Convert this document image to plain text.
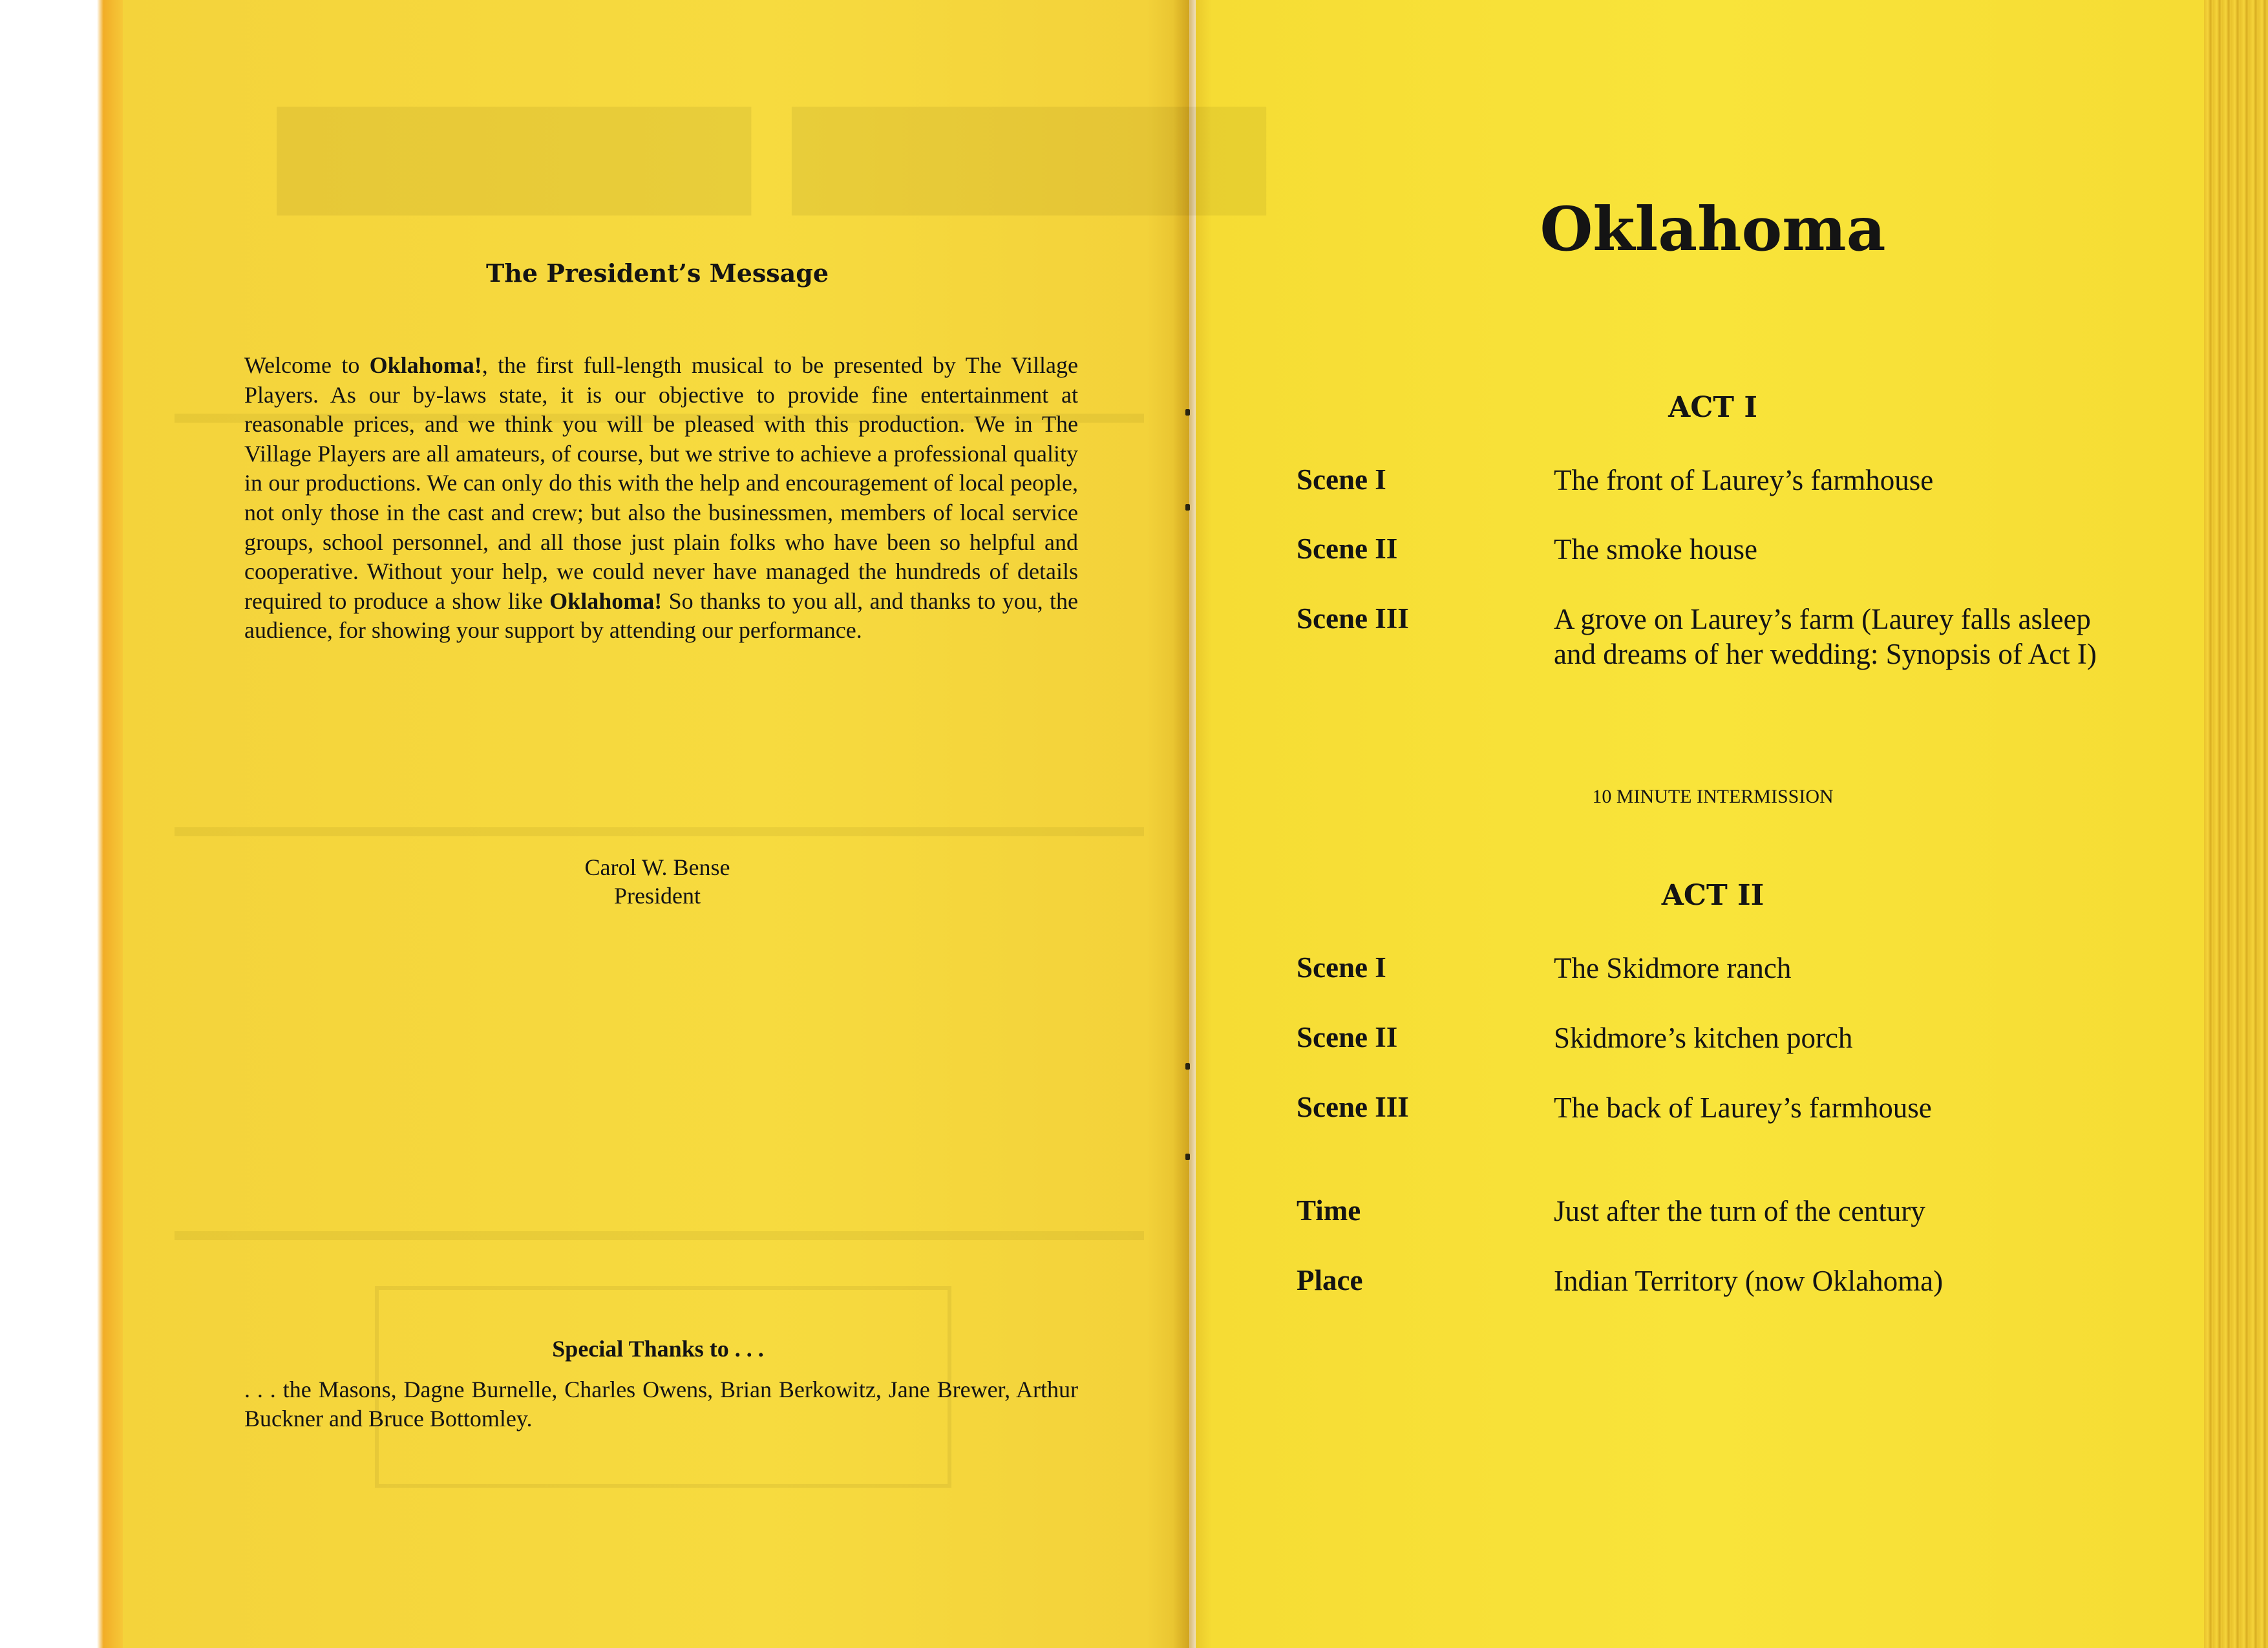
The President’s Message
Welcome to Oklahoma!, the first full-length musical to be presented by The Village Players. As our by-laws state, it is our objective to provide fine entertainment at reasonable prices, and we think you will be pleased with this production. We in The Village Players are all amateurs, of course, but we strive to achieve a professional quality in our productions. We can only do this with the help and encouragement of local people, not only those in the cast and crew; but also the businessmen, members of local service groups, school personnel, and all those just plain folks who have been so helpful and cooperative. Without your help, we could never have managed the hundreds of details required to produce a show like Oklahoma! So thanks to you all, and thanks to you, the audience, for showing your support by attending our performance.
Carol W. Bense
President
Special Thanks to . . .
. . . the Masons, Dagne Burnelle, Charles Owens, Brian Berkowitz, Jane Brewer, Arthur Buckner and Bruce Bottomley.
Oklahoma
ACT I
Scene I	The front of Laurey’s farmhouse
Scene II	The smoke house
Scene III	A grove on Laurey’s farm (Laurey falls asleep and dreams of her wedding: Synopsis of Act I)
10 MINUTE INTERMISSION
ACT II
Scene I	The Skidmore ranch
Scene II	Skidmore’s kitchen porch
Scene III	The back of Laurey’s farmhouse
Time	Just after the turn of the century
Place	Indian Territory (now Oklahoma)
